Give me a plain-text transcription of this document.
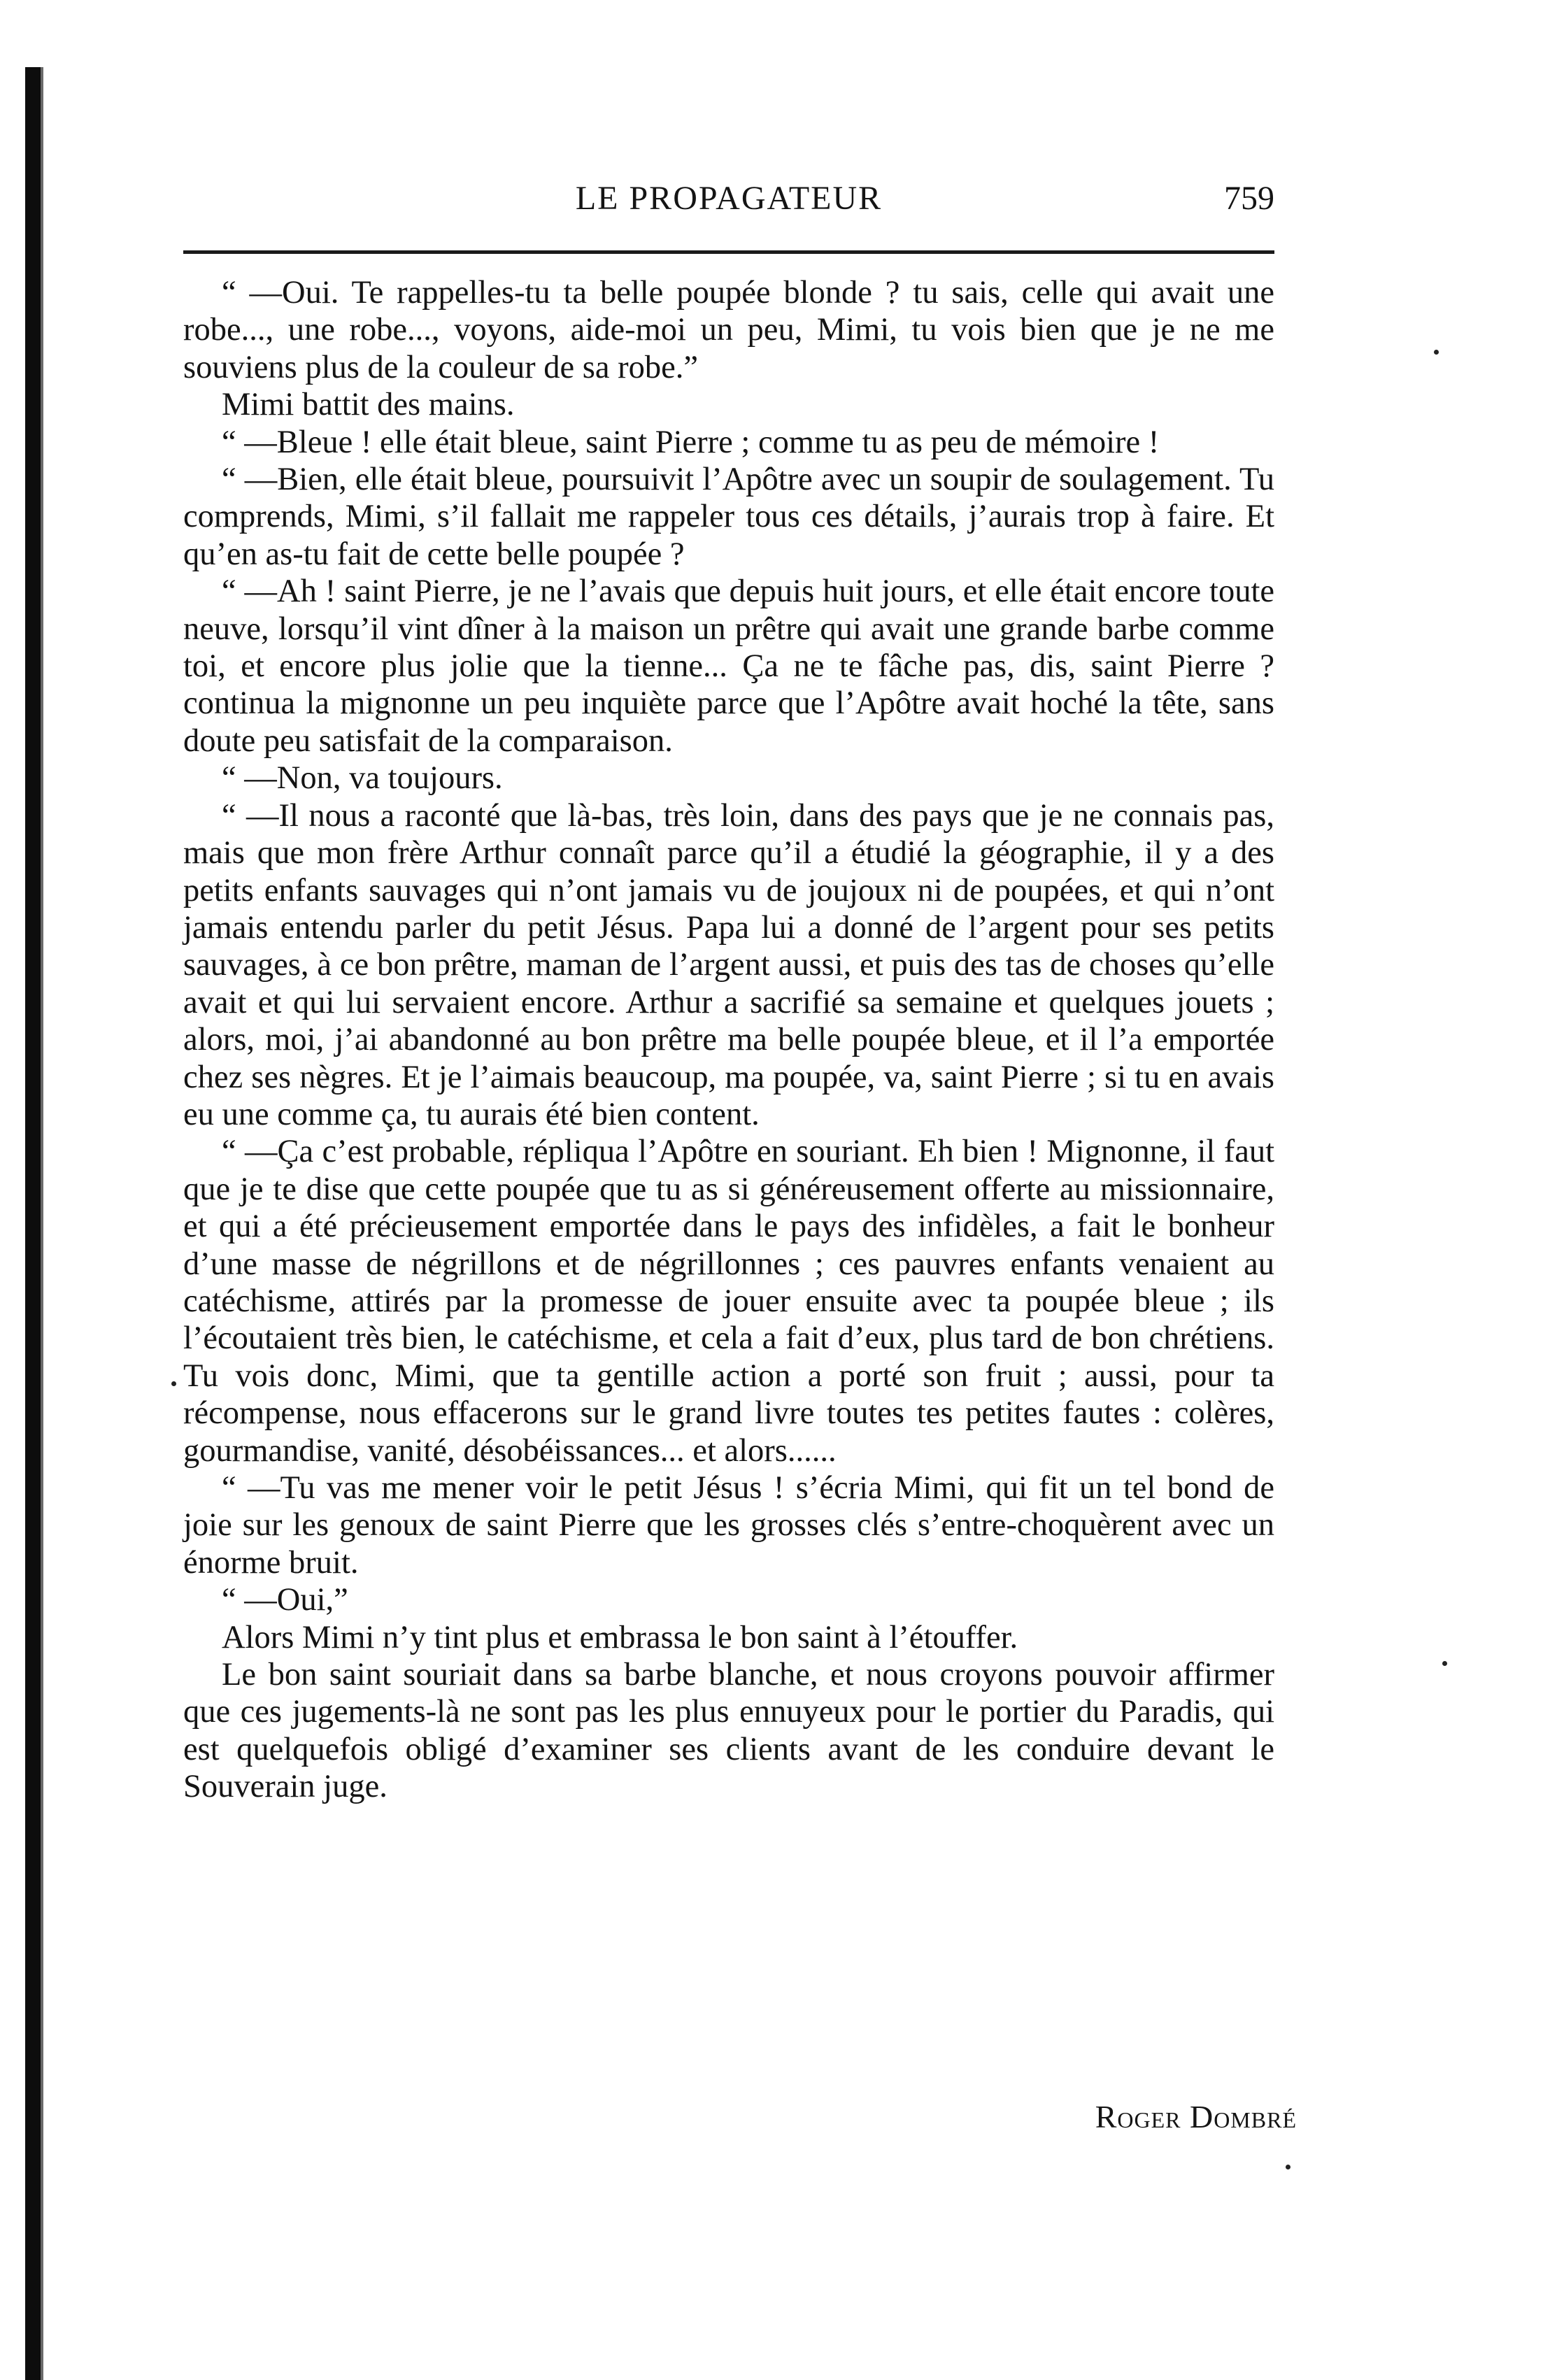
LE PROPAGATEUR	759

“ —Oui. Te rappelles-tu ta belle poupée blonde ? tu sais, celle qui avait une robe..., une robe..., voyons, aide-moi un peu, Mimi, tu vois bien que je ne me souviens plus de la couleur de sa robe.”

Mimi battit des mains.

“ —Bleue ! elle était bleue, saint Pierre ; comme tu as peu de mémoire !

“ —Bien, elle était bleue, poursuivit l’Apôtre avec un soupir de soulagement. Tu comprends, Mimi, s’il fallait me rappeler tous ces détails, j’aurais trop à faire. Et qu’en as-tu fait de cette belle poupée ?

“ —Ah ! saint Pierre, je ne l’avais que depuis huit jours, et elle était encore toute neuve, lorsqu’il vint dîner à la maison un prêtre qui avait une grande barbe comme toi, et encore plus jolie que la tienne... Ça ne te fâche pas, dis, saint Pierre ? continua la mignonne un peu inquiète parce que l’Apôtre avait hoché la tête, sans doute peu satisfait de la comparaison.

“ —Non, va toujours.

“ —Il nous a raconté que là-bas, très loin, dans des pays que je ne connais pas, mais que mon frère Arthur connaît parce qu’il a étudié la géographie, il y a des petits enfants sauvages qui n’ont jamais vu de joujoux ni de poupées, et qui n’ont jamais entendu parler du petit Jésus. Papa lui a donné de l’argent pour ses petits sauvages, à ce bon prêtre, maman de l’argent aussi, et puis des tas de choses qu’elle avait et qui lui servaient encore. Arthur a sacrifié sa semaine et quelques jouets ; alors, moi, j’ai abandonné au bon prêtre ma belle poupée bleue, et il l’a emportée chez ses nègres. Et je l’aimais beaucoup, ma poupée, va, saint Pierre ; si tu en avais eu une comme ça, tu aurais été bien content.

“ —Ça c’est probable, répliqua l’Apôtre en souriant. Eh bien ! Mignonne, il faut que je te dise que cette poupée que tu as si généreusement offerte au missionnaire, et qui a été précieusement emportée dans le pays des infidèles, a fait le bonheur d’une masse de négrillons et de négrillonnes ; ces pauvres enfants venaient au catéchisme, attirés par la promesse de jouer ensuite avec ta poupée bleue ; ils l’écoutaient très bien, le catéchisme, et cela a fait d’eux, plus tard de bon chrétiens. Tu vois donc, Mimi, que ta gentille action a porté son fruit ; aussi, pour ta récompense, nous effacerons sur le grand livre toutes tes petites fautes : colères, gourmandise, vanité, désobéissances... et alors......

“ —Tu vas me mener voir le petit Jésus ! s’écria Mimi, qui fit un tel bond de joie sur les genoux de saint Pierre que les grosses clés s’entre-choquèrent avec un énorme bruit.

“ —Oui,”

Alors Mimi n’y tint plus et embrassa le bon saint à l’étouffer.

Le bon saint souriait dans sa barbe blanche, et nous croyons pouvoir affirmer que ces jugements-là ne sont pas les plus ennuyeux pour le portier du Paradis, qui est quelquefois obligé d’examiner ses clients avant de les conduire devant le Souverain juge.

Roger Dombré
